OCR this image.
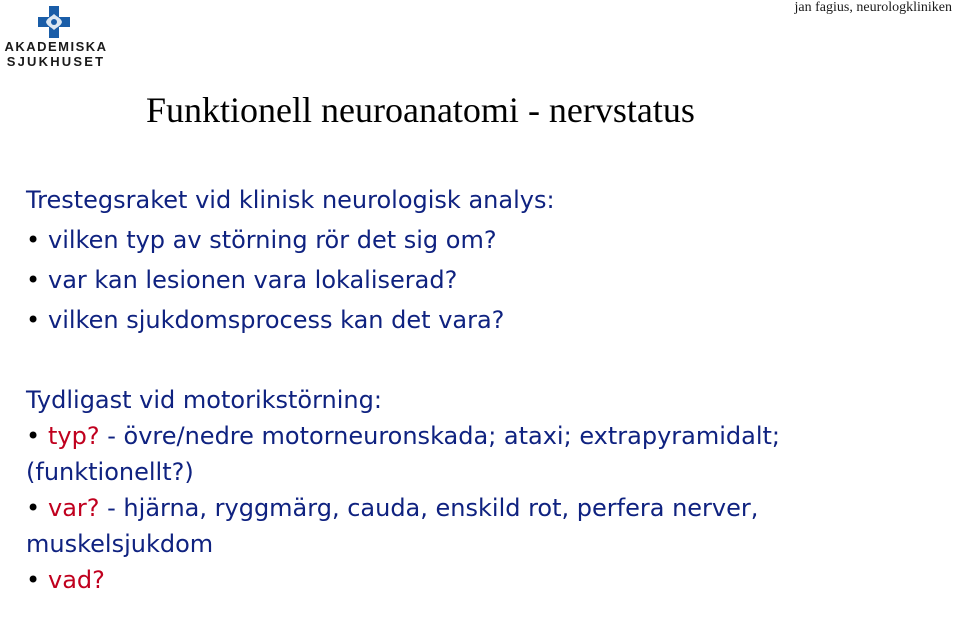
AKADEMISKA
SJUKHUSET
jan fagius, neurologkliniken
Funktionell neuroanatomi - nervstatus

Trestegsraket vid klinisk neurologisk analys:

• vilken typ av störning rör det sig om?

• var kan lesionen vara lokaliserad?

• vilken sjukdomsprocess kan det vara?

Tydligast vid motorikstörning:

• typ? - övre/nedre motorneuronskada; ataxi; extrapyramidalt;

(funktionellt?)

• var? - hjärna, ryggmärg, cauda, enskild rot, perfera nerver,

muskelsjukdom

• vad?
